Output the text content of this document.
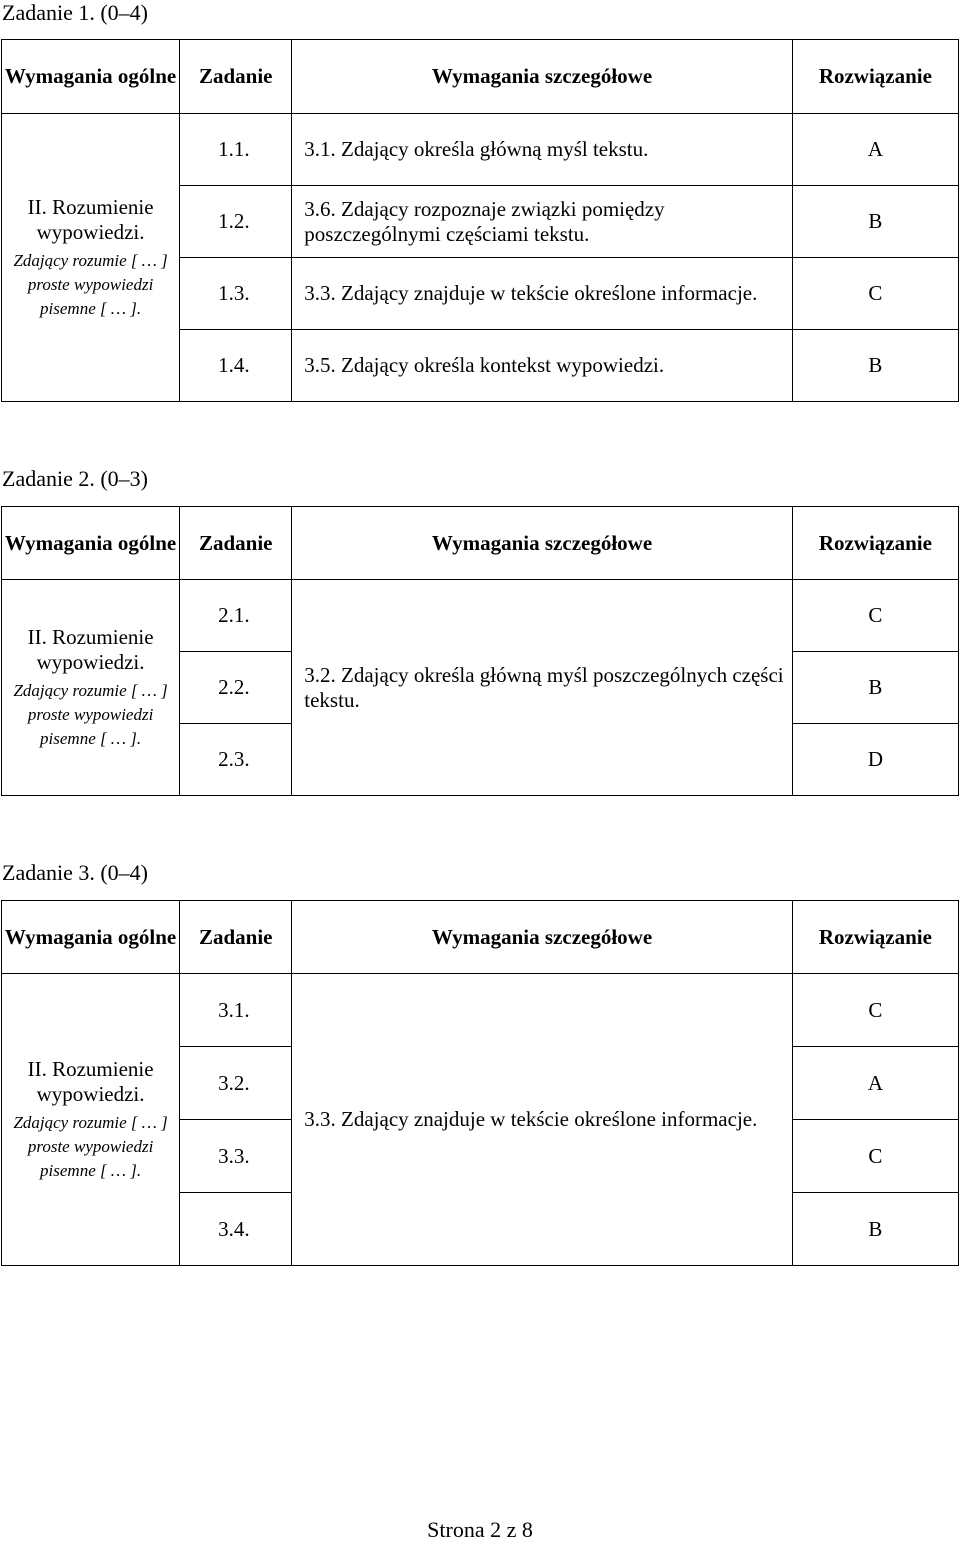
Zadanie 1. (0–4)
Wymagania ogólne	Zadanie	Wymagania szczegółowe	Rozwiązanie

II. Rozumienie wypowiedzi.
Zdający rozumie [ … ] proste wypowiedzi pisemne [ … ].	1.1.	3.1. Zdający określa główną myśl tekstu.	A
	1.2.	3.6. Zdający rozpoznaje związki pomiędzy poszczególnymi częściami tekstu.	B
	1.3.	3.3. Zdający znajduje w tekście określone informacje.	C
	1.4.	3.5. Zdający określa kontekst wypowiedzi.	B
Zadanie 2. (0–3)
Wymagania ogólne	Zadanie	Wymagania szczegółowe	Rozwiązanie

II. Rozumienie wypowiedzi.
Zdający rozumie [ … ] proste wypowiedzi pisemne [ … ].	2.1.	3.2. Zdający określa główną myśl poszczególnych części tekstu.	C
	2.2.		B
	2.3.		D
Zadanie 3. (0–4)
Wymagania ogólne	Zadanie	Wymagania szczegółowe	Rozwiązanie

II. Rozumienie wypowiedzi.
Zdający rozumie [ … ] proste wypowiedzi pisemne [ … ].	3.1.	3.3. Zdający znajduje w tekście określone informacje.	C
	3.2.		A
	3.3.		C
	3.4.		B
Strona 2 z 8
